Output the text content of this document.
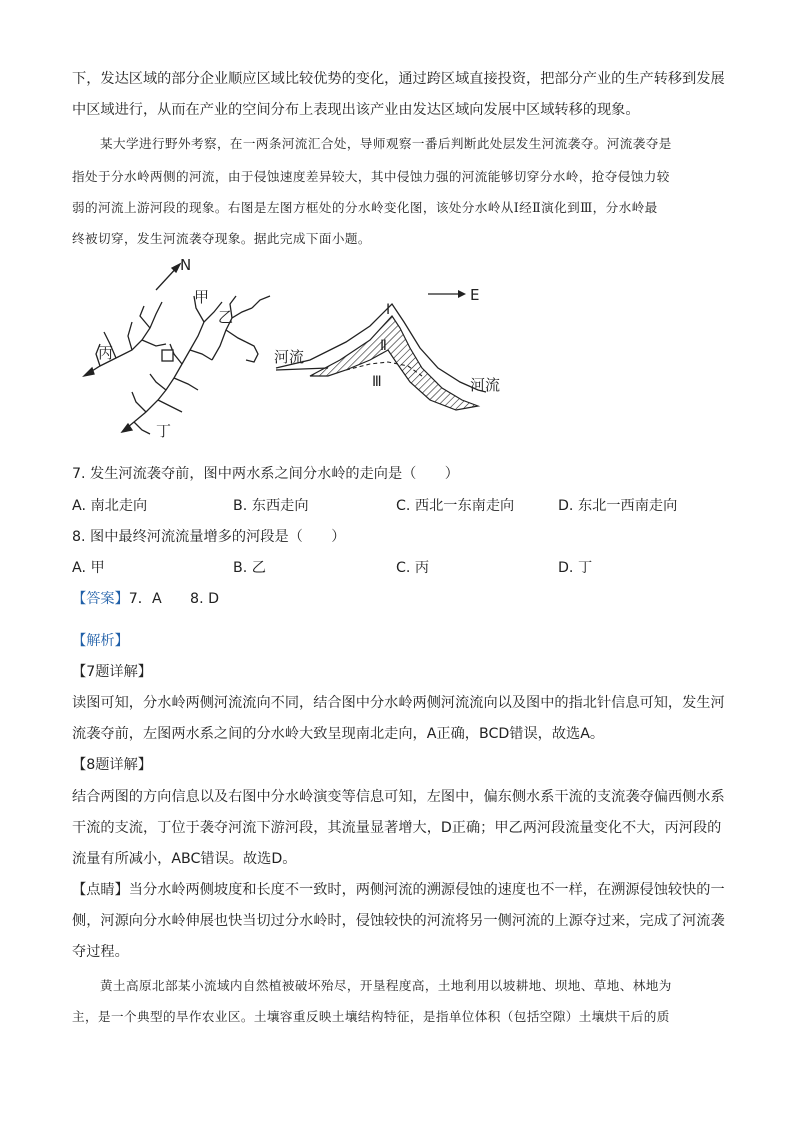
下，发达区域的部分企业顺应区域比较优势的变化，通过跨区域直接投资，把部分产业的生产转移到发展
中区域进行，从而在产业的空间分布上表现出该产业由发达区域向发展中区域转移的现象。
某大学进行野外考察，在一两条河流汇合处，导师观察一番后判断此处层发生河流袭夺。河流袭夺是
指处于分水岭两侧的河流，由于侵蚀速度差异较大，其中侵蚀力强的河流能够切穿分水岭，抢夺侵蚀力较
弱的河流上游河段的现象。右图是左图方框处的分水岭变化图，该处分水岭从Ⅰ经Ⅱ演化到Ⅲ，分水岭最
终被切穿，发生河流袭夺现象。据此完成下面小题。
N
甲
乙
丙
丁
E
Ⅰ
Ⅱ
Ⅲ
河流
河流
7. 发生河流袭夺前，图中两水系之间分水岭的走向是（　　）
A. 南北走向	B. 东西走向	C. 西北一东南走向	D. 东北一西南走向
8. 图中最终河流流量增多的河段是（　　）
A. 甲	B. 乙	C. 丙	D. 丁
【答案】7．A　　8. D
【解析】
【7题详解】
读图可知，分水岭两侧河流流向不同，结合图中分水岭两侧河流流向以及图中的指北针信息可知，发生河
流袭夺前，左图两水系之间的分水岭大致呈现南北走向，A正确，BCD错误，故选A。
【8题详解】
结合两图的方向信息以及右图中分水岭演变等信息可知，左图中，偏东侧水系干流的支流袭夺偏西侧水系
干流的支流，丁位于袭夺河流下游河段，其流量显著增大，D正确；甲乙两河段流量变化不大，丙河段的
流量有所减小，ABC错误。故选D。
【点睛】当分水岭两侧坡度和长度不一致时，两侧河流的溯源侵蚀的速度也不一样，在溯源侵蚀较快的一
侧，河源向分水岭伸展也快当切过分水岭时，侵蚀较快的河流将另一侧河流的上源夺过来，完成了河流袭
夺过程。
黄土高原北部某小流域内自然植被破坏殆尽，开垦程度高，土地利用以坡耕地、坝地、草地、林地为
主，是一个典型的旱作农业区。土壤容重反映土壤结构特征，是指单位体积（包括空隙）土壤烘干后的质
